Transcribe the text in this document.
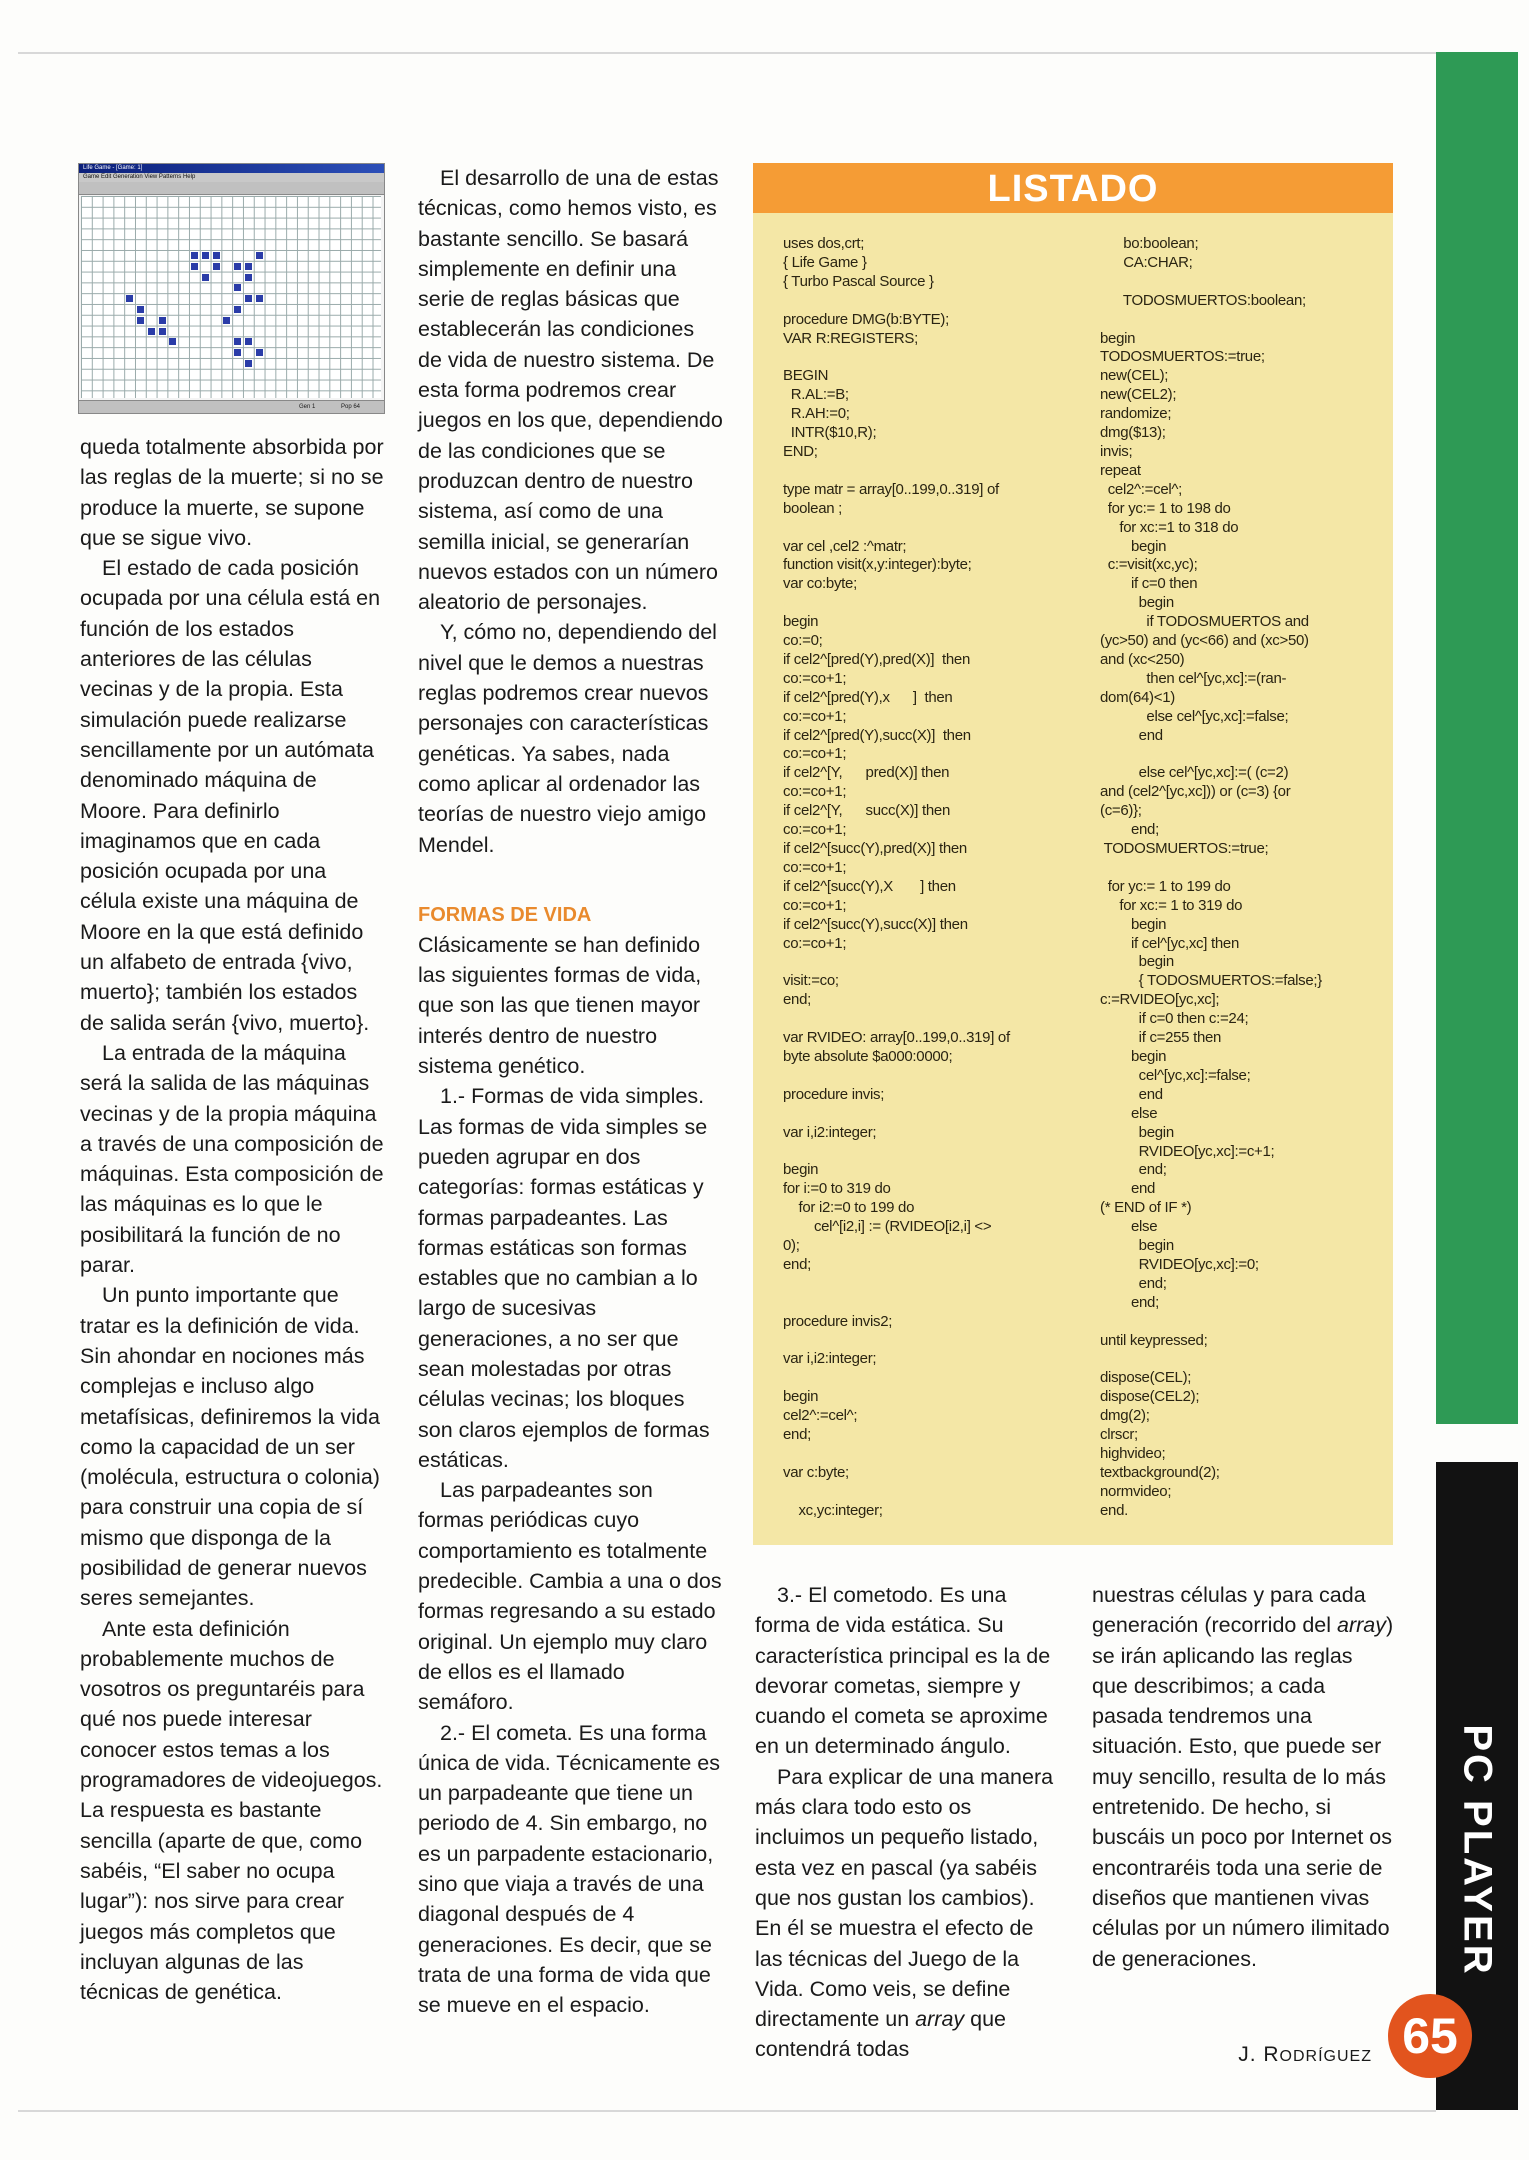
Life Game - [Game: 1]
Game Edit Generation View Patterns Help
Gen 1	Pop 64

queda totalmente absorbida por las reglas de la muerte; si no se produce la muerte, se supone que se sigue vivo.

El estado de cada posición ocupada por una célula está en función de los estados anteriores de las células vecinas y de la propia. Esta simulación puede realizarse sencillamente por un autómata denominado máquina de Moore. Para definirlo imaginamos que en cada posición ocupada por una célula existe una máquina de Moore en la que está definido un alfabeto de entrada {vivo, muerto}; también los estados de salida serán {vivo, muerto}.

La entrada de la máquina será la salida de las máquinas vecinas y de la propia máquina a través de una composición de máquinas. Esta composición de las máquinas es lo que le posibilitará la función de no parar.

Un punto importante que tratar es la definición de vida. Sin ahondar en nociones más complejas e incluso algo metafísicas, definiremos la vida como la capacidad de un ser (molécula, estructura o colonia) para construir una copia de sí mismo que disponga de la posibilidad de generar nuevos seres semejantes.

Ante esta definición probablemente muchos de vosotros os preguntaréis para qué nos puede interesar conocer estos temas a los programadores de videojuegos. La respuesta es bastante sencilla (aparte de que, como sabéis, “El saber no ocupa lugar”): nos sirve para crear juegos más completos que incluyan algunas de las técnicas de genética.

El desarrollo de una de estas técnicas, como hemos visto, es bastante sencillo. Se basará simplemente en definir una serie de reglas básicas que establecerán las condiciones de vida de nuestro sistema. De esta forma podremos crear juegos en los que, dependiendo de las condiciones que se produzcan dentro de nuestro sistema, así como de una semilla inicial, se generarían nuevos estados con un número aleatorio de personajes.

Y, cómo no, dependiendo del nivel que le demos a nuestras reglas podremos crear nuevos personajes con características genéticas. Ya sabes, nada como aplicar al ordenador las teorías de nuestro viejo amigo Mendel.

FORMAS DE VIDA

Clásicamente se han definido las siguientes formas de vida, que son las que tienen mayor interés dentro de nuestro sistema genético.

1.- Formas de vida simples. Las formas de vida simples se pueden agrupar en dos categorías: formas estáticas y formas parpadeantes. Las formas estáticas son formas estables que no cambian a lo largo de sucesivas generaciones, a no ser que sean molestadas por otras células vecinas; los bloques son claros ejemplos de formas estáticas.

Las parpadeantes son formas periódicas cuyo comportamiento es totalmente predecible. Cambia a una o dos formas regresando a su estado original. Un ejemplo muy claro de ellos es el llamado semáforo.

2.- El cometa. Es una forma única de vida. Técnicamente es un parpadeante que tiene un periodo de 4. Sin embargo, no es un parpadente estacionario, sino que viaja a través de una diagonal después de 4 generaciones. Es decir, que se trata de una forma de vida que se mueve en el espacio.

LISTADO
uses dos,crt;
{ Life Game }
{ Turbo Pascal Source }

procedure DMG(b:BYTE);
VAR R:REGISTERS;

BEGIN
R.AL:=B;
R.AH:=0;
INTR($10,R);
END;

type matr = array[0..199,0..319] of
boolean ;

var cel ,cel2 :^matr;
function visit(x,y:integer):byte;
var co:byte;

begin
co:=0;
if cel2^[pred(Y),pred(X)]  then
co:=co+1;
if cel2^[pred(Y),x      ]  then
co:=co+1;
if cel2^[pred(Y),succ(X)]  then
co:=co+1;
if cel2^[Y,      pred(X)] then
co:=co+1;
if cel2^[Y,      succ(X)] then
co:=co+1;
if cel2^[succ(Y),pred(X)] then
co:=co+1;
if cel2^[succ(Y),X       ] then
co:=co+1;
if cel2^[succ(Y),succ(X)] then
co:=co+1;

visit:=co;
end;

var RVIDEO: array[0..199,0..319] of
byte absolute $a000:0000;

procedure invis;

var i,i2:integer;

begin
for i:=0 to 319 do
for i2:=0 to 199 do
cel^[i2,i] := (RVIDEO[i2,i] <>
0);
end;

procedure invis2;

var i,i2:integer;

begin
cel2^:=cel^;
end;

var c:byte;

xc,yc:integer;
bo:boolean;
CA:CHAR;

TODOSMUERTOS:boolean;

begin
TODOSMUERTOS:=true;
new(CEL);
new(CEL2);
randomize;
dmg($13);
invis;
repeat
cel2^:=cel^;
for yc:= 1 to 198 do
for xc:=1 to 318 do
begin
c:=visit(xc,yc);
if c=0 then
begin
if TODOSMUERTOS and
(yc>50) and (yc<66) and (xc>50)
and (xc<250)
then cel^[yc,xc]:=(ran-
dom(64)<1)
else cel^[yc,xc]:=false;
end

else cel^[yc,xc]:=( (c=2)
and (cel2^[yc,xc])) or (c=3) {or
(c=6)};
end;
TODOSMUERTOS:=true;

for yc:= 1 to 199 do
for xc:= 1 to 319 do
begin
if cel^[yc,xc] then
begin
{ TODOSMUERTOS:=false;}
c:=RVIDEO[yc,xc];
if c=0 then c:=24;
if c=255 then
begin
cel^[yc,xc]:=false;
end
else
begin
RVIDEO[yc,xc]:=c+1;
end;
end
(* END of IF *)
else
begin
RVIDEO[yc,xc]:=0;
end;
end;

until keypressed;

dispose(CEL);
dispose(CEL2);
dmg(2);
clrscr;
highvideo;
textbackground(2);
normvideo;
end.

3.- El cometodo. Es una forma de vida estática. Su característica principal es la de devorar cometas, siempre y cuando el cometa se aproxime en un determinado ángulo.

Para explicar de una manera más clara todo esto os incluimos un pequeño listado, esta vez en pascal (ya sabéis que nos gustan los cambios). En él se muestra el efecto de las técnicas del Juego de la Vida. Como veis, se define directamente un array que contendrá todas

nuestras células y para cada generación (recorrido del array) se irán aplicando las reglas que describimos; a cada pasada tendremos una situación. Esto, que puede ser muy sencillo, resulta de lo más entretenido. De hecho, si buscáis un poco por Internet os encontraréis toda una serie de diseños que mantienen vivas células por un número ilimitado de generaciones.

J. RODRÍGUEZ
PC PLAYER
65
